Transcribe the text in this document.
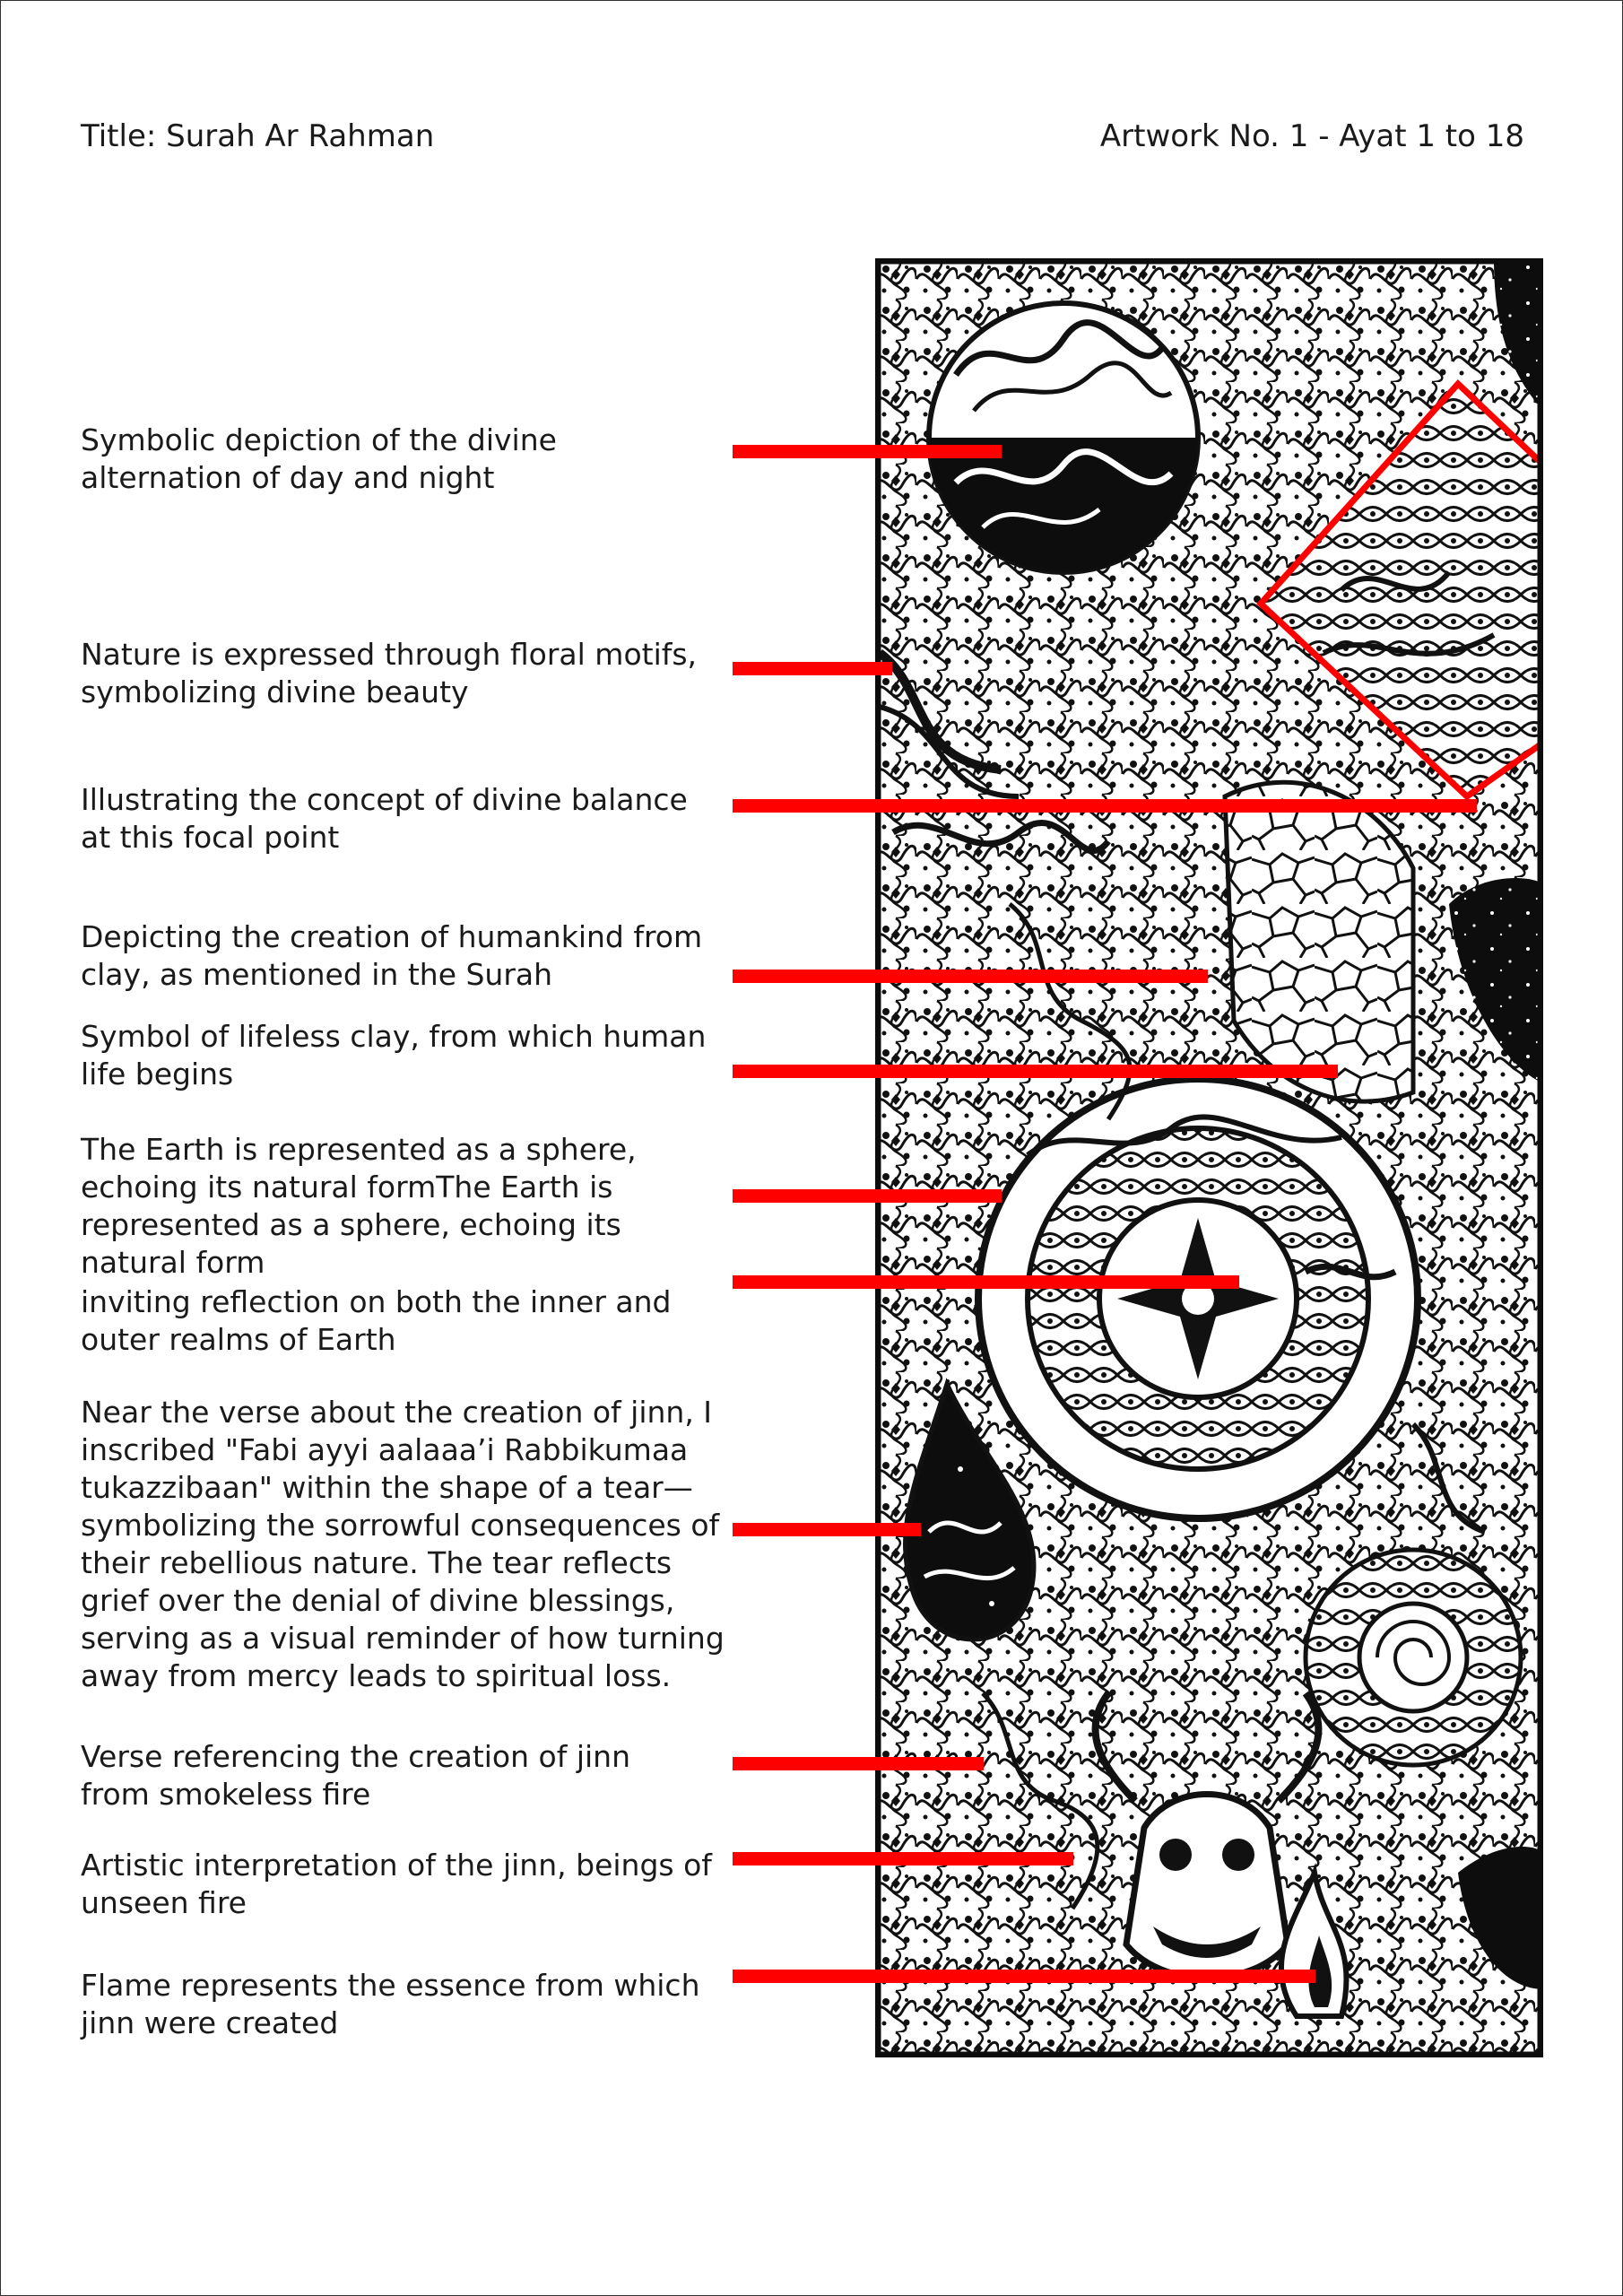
Title: Surah Ar Rahman	Artwork No. 1 - Ayat 1 to 18
Symbolic depiction of the divine alternation of day and night
Nature is expressed through floral motifs, symbolizing divine beauty
Illustrating the concept of divine balance at this focal point
Depicting the creation of humankind from clay, as mentioned in the Surah
Symbol of lifeless clay, from which human life begins
The Earth is represented as a sphere, echoing its natural formThe Earth is represented as a sphere, echoing its natural form
inviting reflection on both the inner and outer realms of Earth
Near the verse about the creation of jinn, I inscribed "Fabi ayyi aalaaa’i Rabbikumaa tukazzibaan" within the shape of a tear—symbolizing the sorrowful consequences of their rebellious nature. The tear reflects grief over the denial of divine blessings, serving as a visual reminder of how turning away from mercy leads to spiritual loss.
Verse referencing the creation of jinn from smokeless fire
Artistic interpretation of the jinn, beings of unseen fire
Flame represents the essence from which jinn were created
